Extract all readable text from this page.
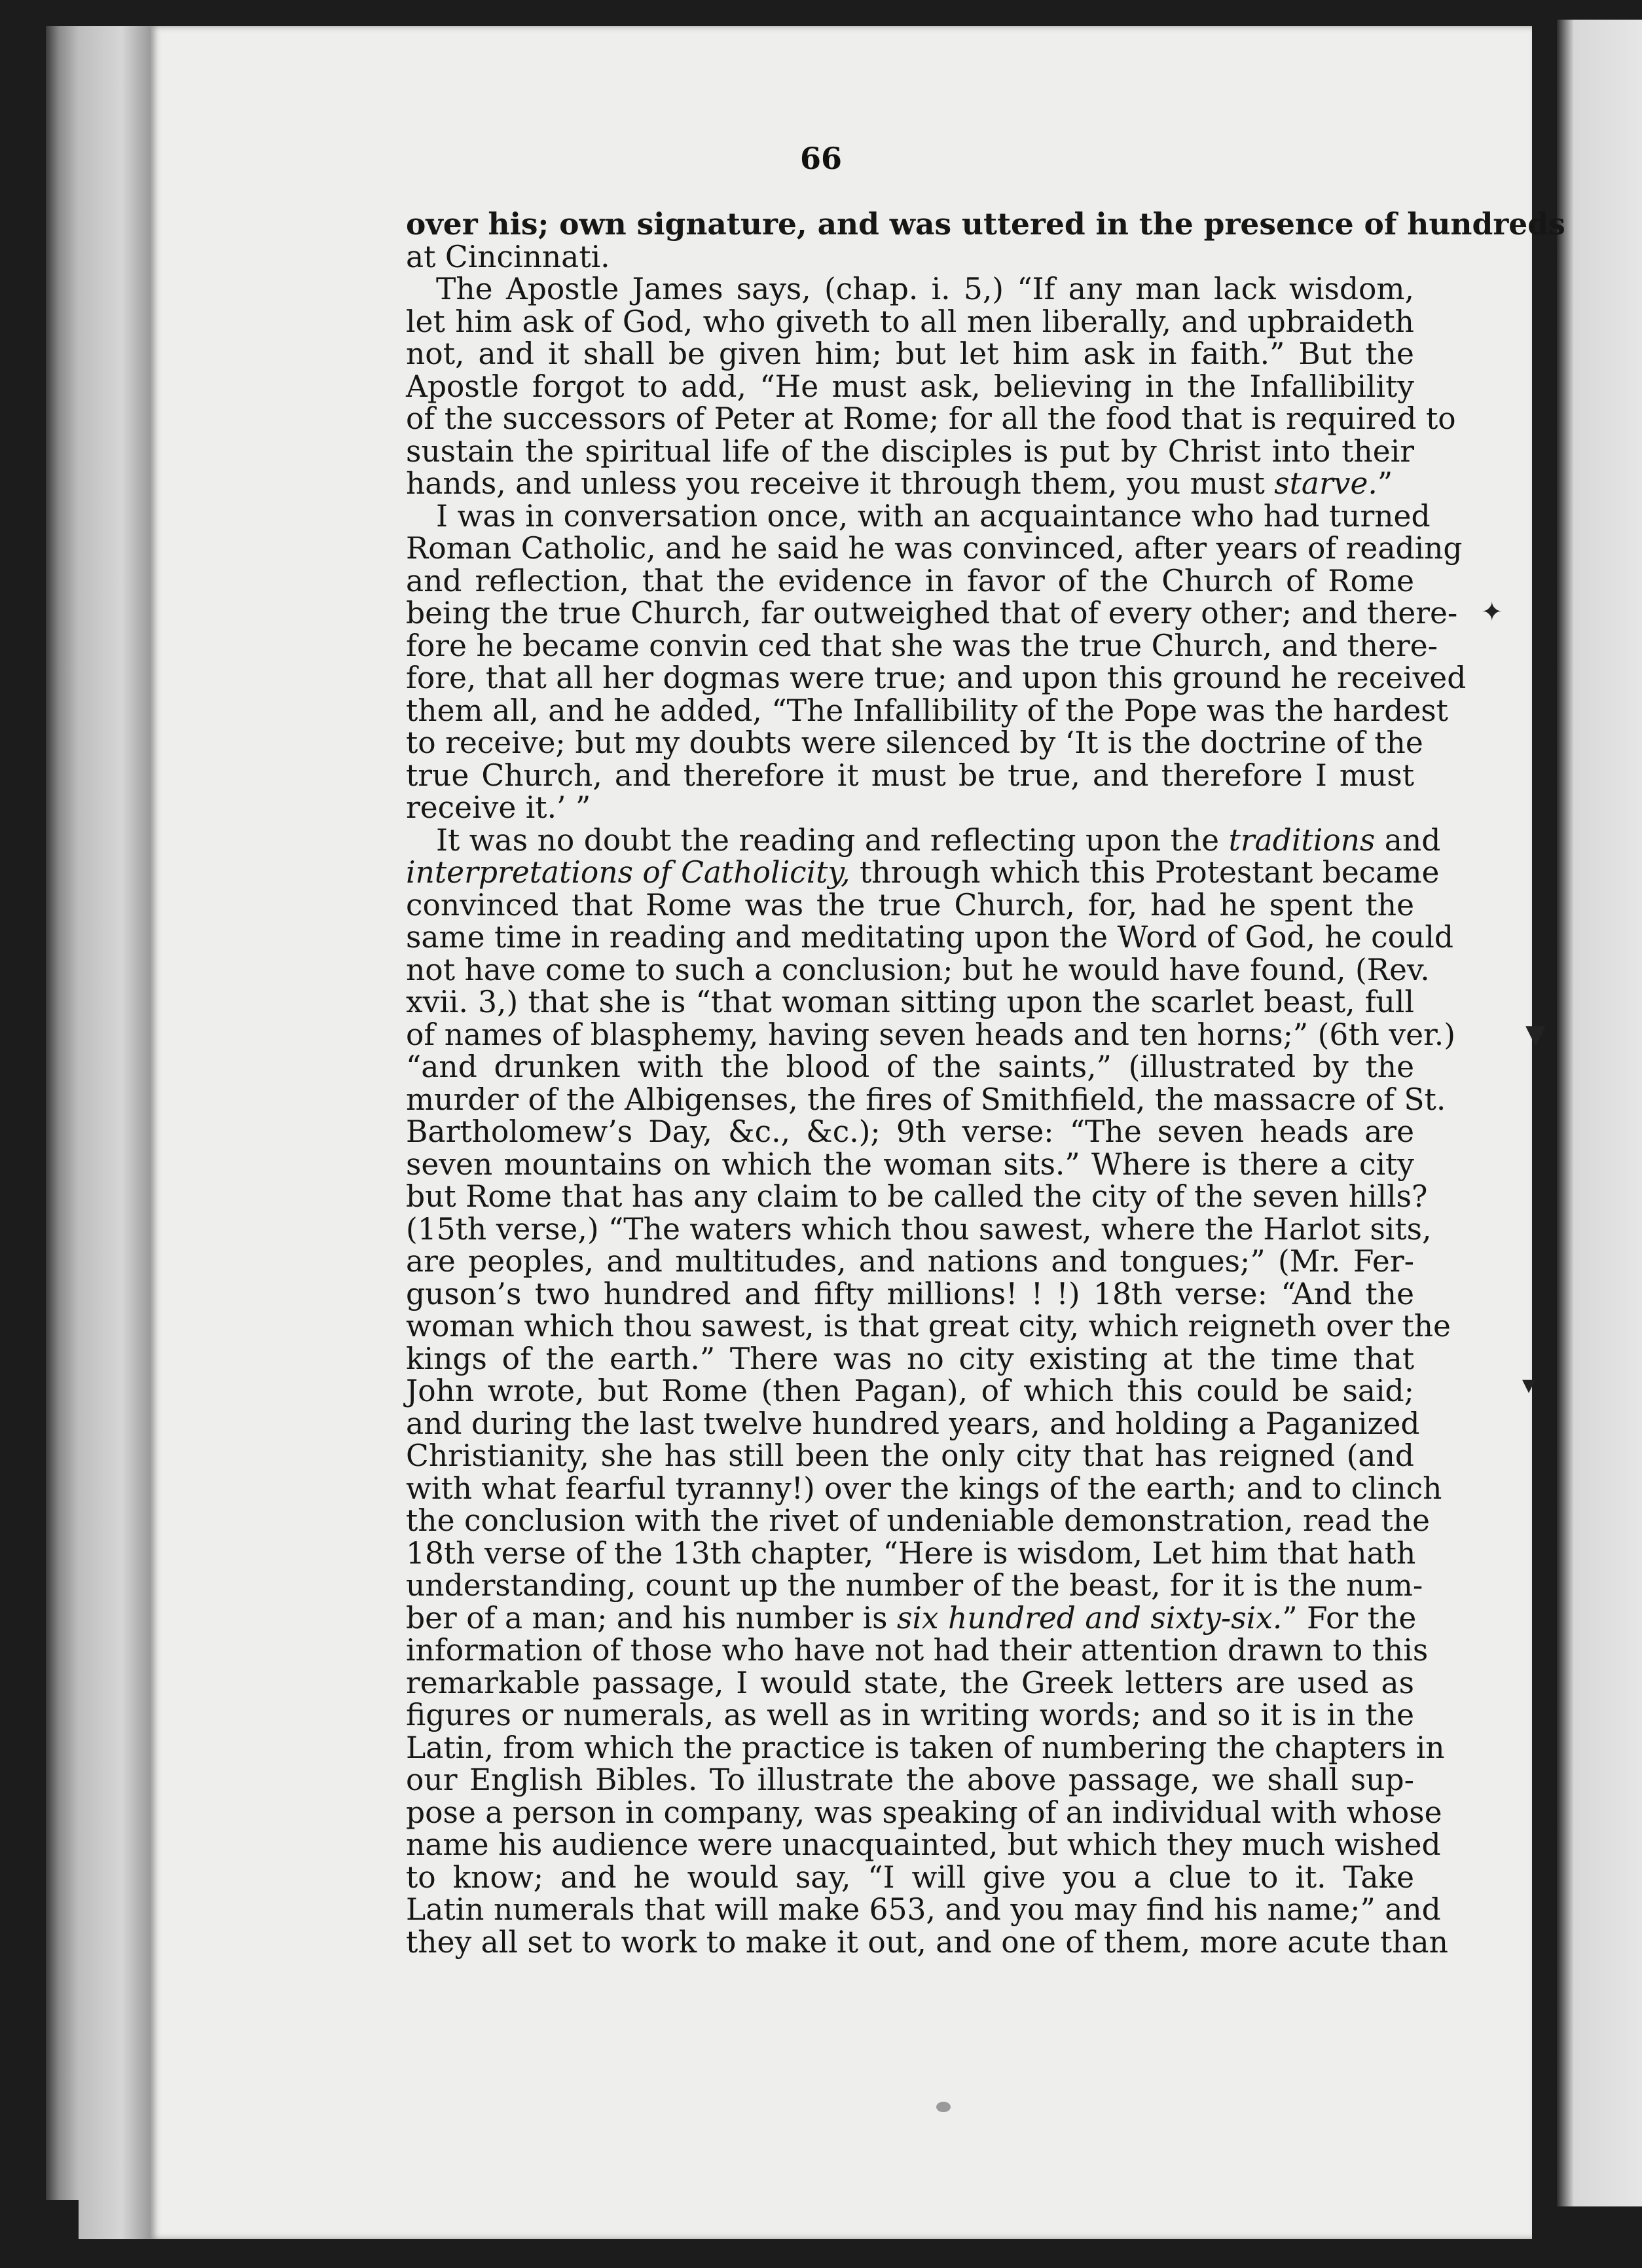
66
over his; own signature, and was uttered in the presence of hundreds
at Cincinnati.
The Apostle James says, (chap. i. 5,) “If any man lack wisdom,
let him ask of God, who giveth to all men liberally, and upbraideth
not, and it shall be given him; but let him ask in faith.” But the
Apostle forgot to add, “He must ask, believing in the Infallibility
of the successors of Peter at Rome; for all the food that is required to
sustain the spiritual life of the disciples is put by Christ into their
hands, and unless you receive it through them, you must starve.”
I was in conversation once, with an acquaintance who had turned
Roman Catholic, and he said he was convinced, after years of reading
and reflection, that the evidence in favor of the Church of Rome
being the true Church, far outweighed that of every other; and there-
fore he became convin ced that she was the true Church, and there-
fore, that all her dogmas were true; and upon this ground he received
them all, and he added, “The Infallibility of the Pope was the hardest
to receive; but my doubts were silenced by ‘It is the doctrine of the
true Church, and therefore it must be true, and therefore I must
receive it.’ ”
It was no doubt the reading and reflecting upon the traditions and
interpretations of Catholicity, through which this Protestant became
convinced that Rome was the true Church, for, had he spent the
same time in reading and meditating upon the Word of God, he could
not have come to such a conclusion; but he would have found, (Rev.
xvii. 3,) that she is “that woman sitting upon the scarlet beast, full
of names of blasphemy, having seven heads and ten horns;” (6th ver.)
“and drunken with the blood of the saints,” (illustrated by the
murder of the Albigenses, the fires of Smithfield, the massacre of St.
Bartholomew’s Day, &c., &c.); 9th verse: “The seven heads are
seven mountains on which the woman sits.” Where is there a city
but Rome that has any claim to be called the city of the seven hills?
(15th verse,) “The waters which thou sawest, where the Harlot sits,
are peoples, and multitudes, and nations and tongues;” (Mr. Fer-
guson’s two hundred and fifty millions! ! !) 18th verse: “And the
woman which thou sawest, is that great city, which reigneth over the
kings of the earth.” There was no city existing at the time that
John wrote, but Rome (then Pagan), of which this could be said;
and during the last twelve hundred years, and holding a Paganized
Christianity, she has still been the only city that has reigned (and
with what fearful tyranny!) over the kings of the earth; and to clinch
the conclusion with the rivet of undeniable demonstration, read the
18th verse of the 13th chapter, “Here is wisdom, Let him that hath
understanding, count up the number of the beast, for it is the num-
ber of a man; and his number is six hundred and sixty-six.” For the
information of those who have not had their attention drawn to this
remarkable passage, I would state, the Greek letters are used as
figures or numerals, as well as in writing words; and so it is in the
Latin, from which the practice is taken of numbering the chapters in
our English Bibles. To illustrate the above passage, we shall sup-
pose a person in company, was speaking of an individual with whose
name his audience were unacquainted, but which they much wished
to know; and he would say, “I will give you a clue to it. Take
Latin numerals that will make 653, and you may find his name;” and
they all set to work to make it out, and one of them, more acute than
✦
▼
▾
